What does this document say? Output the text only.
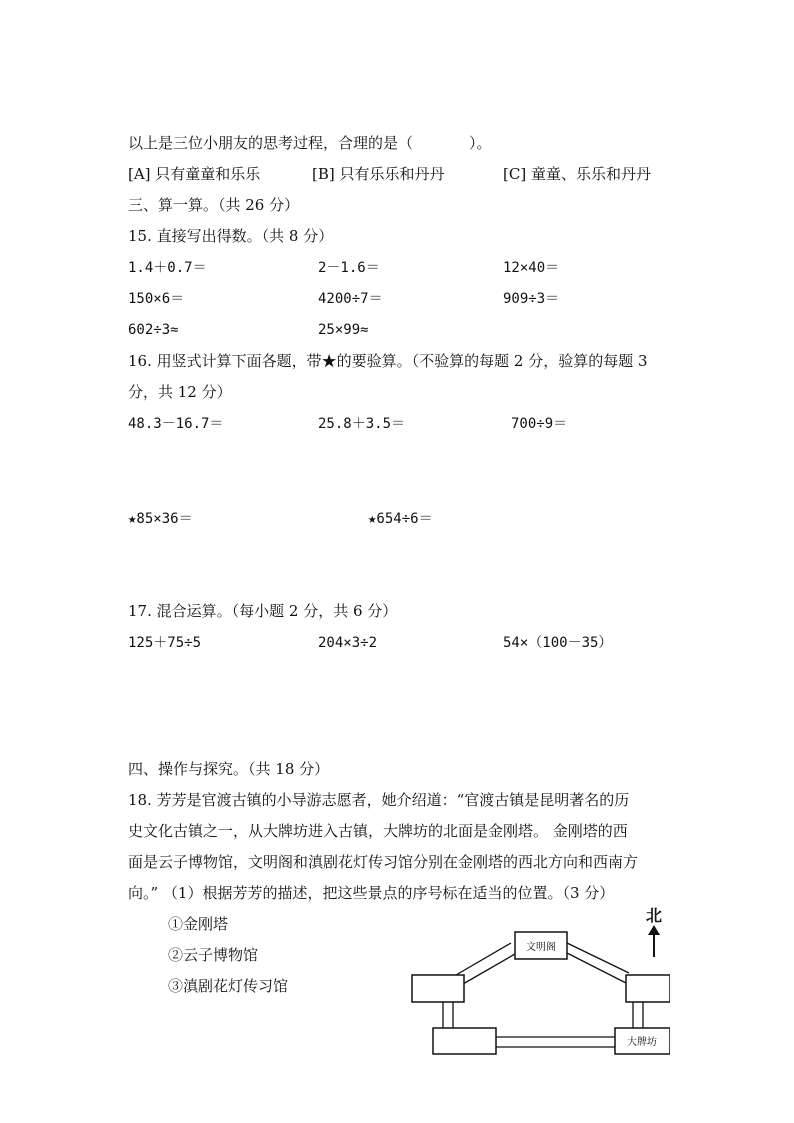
以上是三位小朋友的思考过程，合理的是（	）。
[A] 只有童童和乐乐	[B] 只有乐乐和丹丹	[C] 童童、乐乐和丹丹
三、算一算。（共 26 分）
15. 直接写出得数。（共 8 分）
1.4＋0.7＝	2－1.6＝	12×40＝
150×6＝	4200÷7＝	909÷3＝
602÷3≈	25×99≈
16. 用竖式计算下面各题，带★的要验算。（不验算的每题 2 分，验算的每题 3
分，共 12 分）
48.3－16.7＝	25.8＋3.5＝	700÷9＝
★85×36＝	★654÷6＝
17. 混合运算。（每小题 2 分，共 6 分）
125＋75÷5	204×3÷2	54×（100－35）
四、操作与探究。（共 18 分）
18. 芳芳是官渡古镇的小导游志愿者，她介绍道：“官渡古镇是昆明著名的历
史文化古镇之一，从大牌坊进入古镇，大牌坊的北面是金刚塔。 金刚塔的西
面是云子博物馆，文明阁和滇剧花灯传习馆分别在金刚塔的西北方向和西南方
向。” （1）根据芳芳的描述，把这些景点的序号标在适当的位置。（3 分）
①金刚塔
②云子博物馆
③滇剧花灯传习馆
文明阁
大牌坊
北
